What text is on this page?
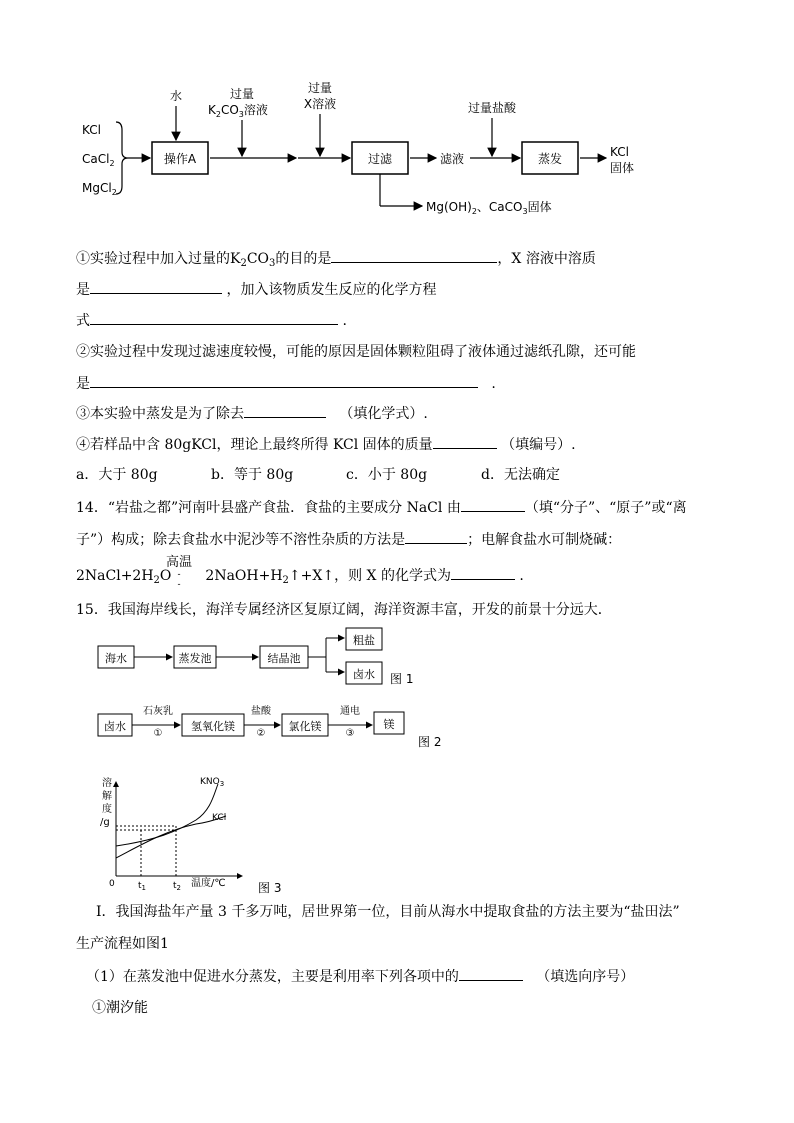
KCl
CaCl$_2$
MgCl$_2$
操作A
水	过量
$K_2CO_3$溶液
过量
X溶液
过滤	滤液
过量盐酸
蒸发	KCl
固体
$Mg(OH)_2$、CaCO$_3$固体
①实验过程中加入过量的$K_2CO_3$的目的是	，X 溶液中溶质
是	，加入该物质发生反应的化学方程
式	.
②实验过程中发现过滤速度较慢，可能的原因是固体颗粒阻碍了液体通过滤纸孔隙，还可能
是	.
③本实验中蒸发是为了除去	（填化学式）.
④若样品中含 80gKCl，理论上最终所得 KCl 固体的质量	（填编号）.
a．大于 80g	b．等于 80g	c．小于 80g	d．无法确定
14．“岩盐之都”河南叶县盛产食盐．食盐的主要成分 NaCl 由	（填“分子”、“原子”或“离
子”）构成；除去食盐水中泥沙等不溶性杂质的方法是	；电解食盐水可制烧碱：
$2NaCl+2H_2O$ $2NaOH+H_2↑+X↑$，则 X 的化学式为	.
高温
-
-
15．我国海岸线长，海洋专属经济区复原辽阔，海洋资源丰富，开发的前景十分远大．
海水	蒸发池	结晶池
粗盐
卤水 图 1
卤水
石灰乳
①
氢氧化镁
盐酸
②
氯化镁
通电
③
镁
图 2
溶
解
度
/g
$KNO_3$
KCl
0	$t_1$	$t_2$ 温度/℃	图 3
Ⅰ．我国海盐年产量 3 千多万吨，居世界第一位，目前从海水中提取食盐的方法主要为“盐田法”
生产流程如图1
（1）在蒸发池中促进水分蒸发，主要是利用率下列各项中的	（填选向序号）
①潮汐能
